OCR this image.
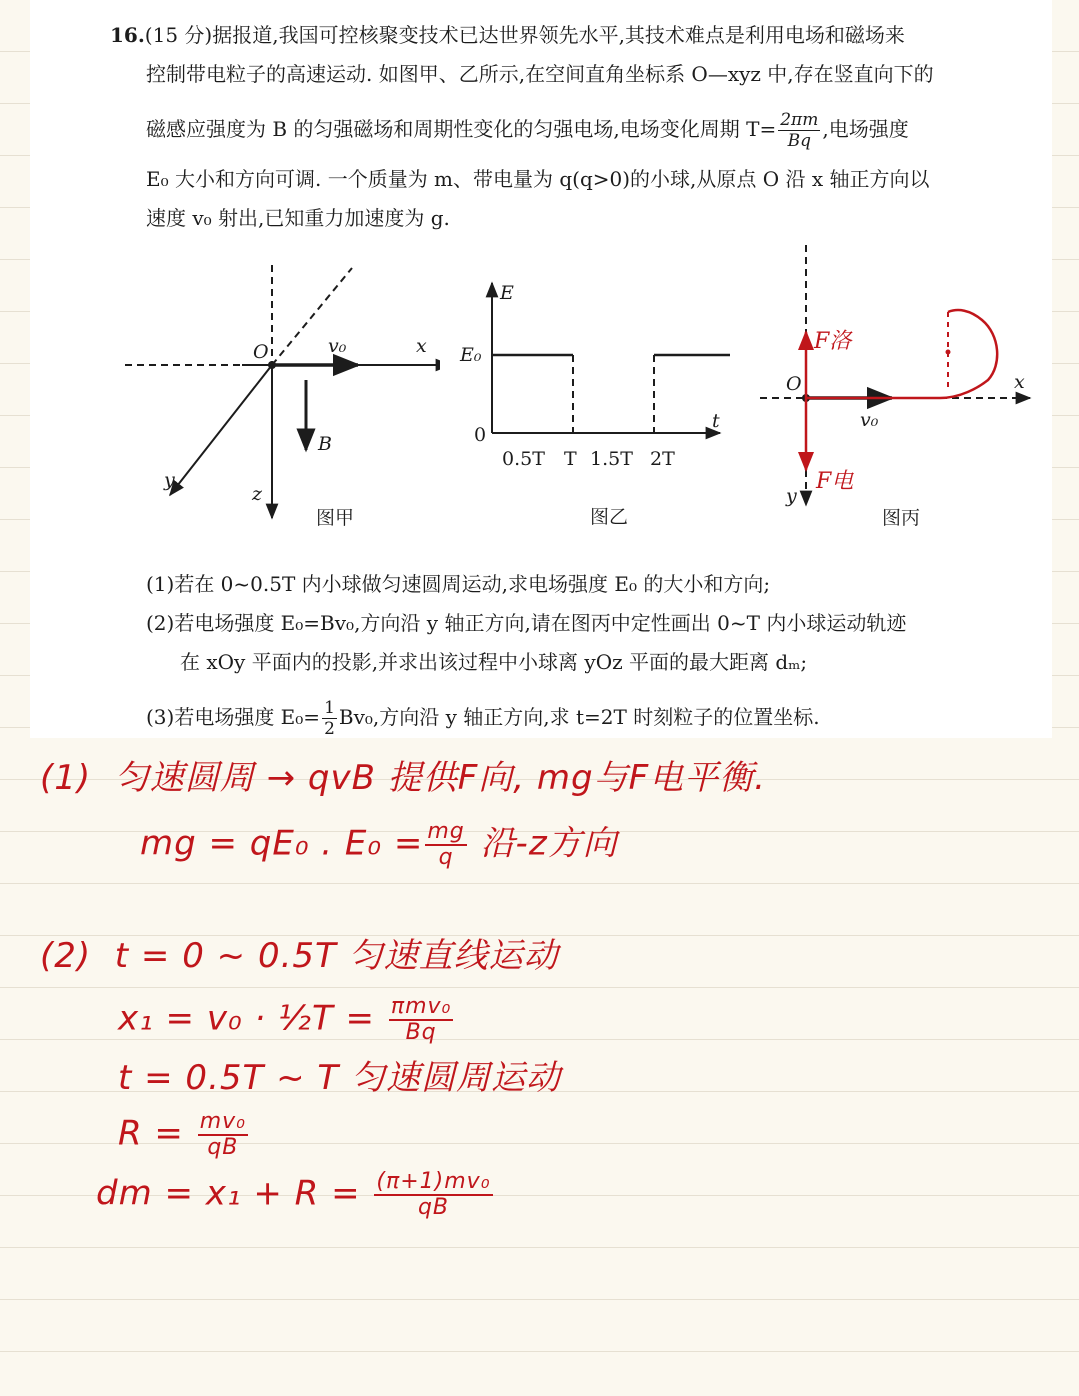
16.(15 分)据报道,我国可控核聚变技术已达世界领先水平,其技术难点是利用电场和磁场来
控制带电粒子的高速运动. 如图甲、乙所示,在空间直角坐标系 O—xyz 中,存在竖直向下的
磁感应强度为 B 的匀强磁场和周期性变化的匀强电场,电场变化周期 $T= \frac{2\pi m}{Bq}$ ,电场强度
E₀ 大小和方向可调. 一个质量为 m、带电量为 q(q>0)的小球,从原点 O 沿 x 轴正方向以
速度 v₀ 射出,已知重力加速度为 g.
O	v₀	x
y
z
B
图甲
E
E₀
0
t
0.5T T 1.5T 2T
图乙
F洛
F电
O	x
y
v₀
图丙
(1)若在 0~0.5T 内小球做匀速圆周运动,求电场强度 E₀ 的大小和方向;
(2)若电场强度 E₀=Bv₀,方向沿 y 轴正方向,请在图丙中定性画出 0~T 内小球运动轨迹
在 xOy 平面内的投影,并求出该过程中小球离 yOz 平面的最大距离 dₘ;
(3)若电场强度 $E_0= \frac{1}{2} Bv_0$,方向沿 y 轴正方向,求 t=2T 时刻粒子的位置坐标.
(1) 匀速圆周 → qvB 提供F向, mg与F电平衡.
mg = qE₀ . $E_0 = \frac{mg}{q}$ 沿-z方向
(2) t = 0 ~ 0.5T 匀速直线运动
x₁ = v₀ · ½T = $\frac{\text{πmv₀}}{Bq}$
t = 0.5T ~ T 匀速圆周运动
$R = \frac{\text{mv₀}}{qB}$
dm = $x_1 + R = \frac{\text{(π+1)mv₀}}{qB}$
